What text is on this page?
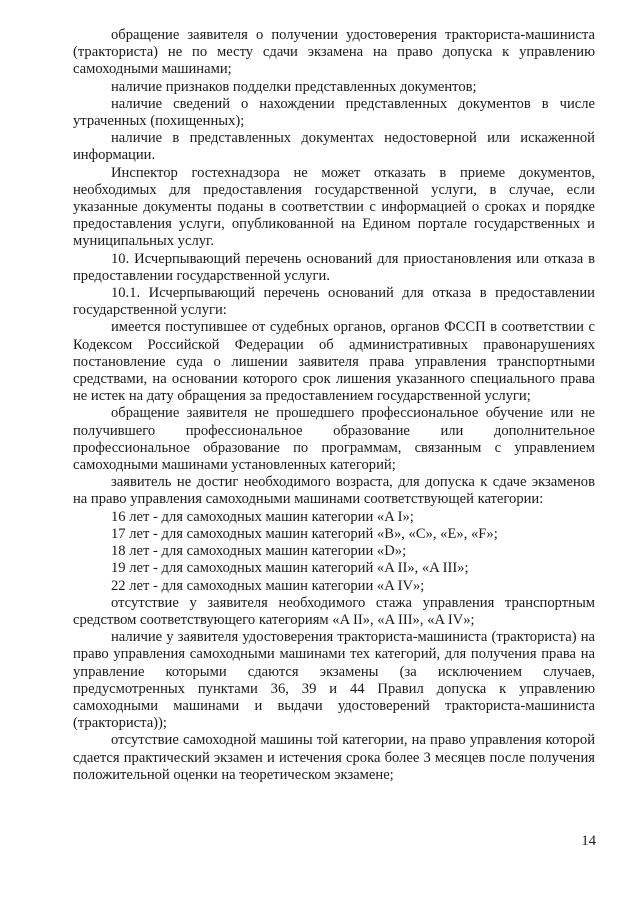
обращение заявителя о получении удостоверения тракториста-машиниста (тракториста) не по месту сдачи экзамена на право допуска к управлению самоходными машинами;

наличие признаков подделки представленных документов;

наличие сведений о нахождении представленных документов в числе утраченных (похищенных);

наличие в представленных документах недостоверной или искаженной информации.

Инспектор гостехнадзора не может отказать в приеме документов, необходимых для предоставления государственной услуги, в случае, если указанные документы поданы в соответствии с информацией о сроках и порядке предоставления услуги, опубликованной на Едином портале государственных и муниципальных услуг.

10. Исчерпывающий перечень оснований для приостановления или отказа в предоставлении государственной услуги.

10.1. Исчерпывающий перечень оснований для отказа в предоставлении государственной услуги:

имеется поступившее от судебных органов, органов ФССП в соответствии с Кодексом Российской Федерации об административных правонарушениях постановление суда о лишении заявителя права управления транспортными средствами, на основании которого срок лишения указанного специального права не истек на дату обращения за предоставлением государственной услуги;

обращение заявителя не прошедшего профессиональное обучение или не получившего профессиональное образование или дополнительное профессиональное образование по программам, связанным с управлением самоходными машинами установленных категорий;

заявитель не достиг необходимого возраста, для допуска к сдаче экзаменов на право управления самоходными машинами соответствующей категории:

16 лет - для самоходных машин категории «A I»;

17 лет - для самоходных машин категорий «B», «C», «E», «F»;

18 лет - для самоходных машин категории «D»;

19 лет - для самоходных машин категорий «A II», «A III»;

22 лет - для самоходных машин категории «A IV»;

отсутствие у заявителя необходимого стажа управления транспортным средством соответствующего категориям «A II», «A III», «A IV»;

наличие у заявителя удостоверения тракториста-машиниста (тракториста) на право управления самоходными машинами тех категорий, для получения права на управление которыми сдаются экзамены (за исключением случаев, предусмотренных пунктами 36, 39 и 44 Правил допуска к управлению самоходными машинами и выдачи удостоверений тракториста-машиниста (тракториста));

отсутствие самоходной машины той категории, на право управления которой сдается практический экзамен и истечения срока более 3 месяцев после получения положительной оценки на теоретическом экзамене;

14
